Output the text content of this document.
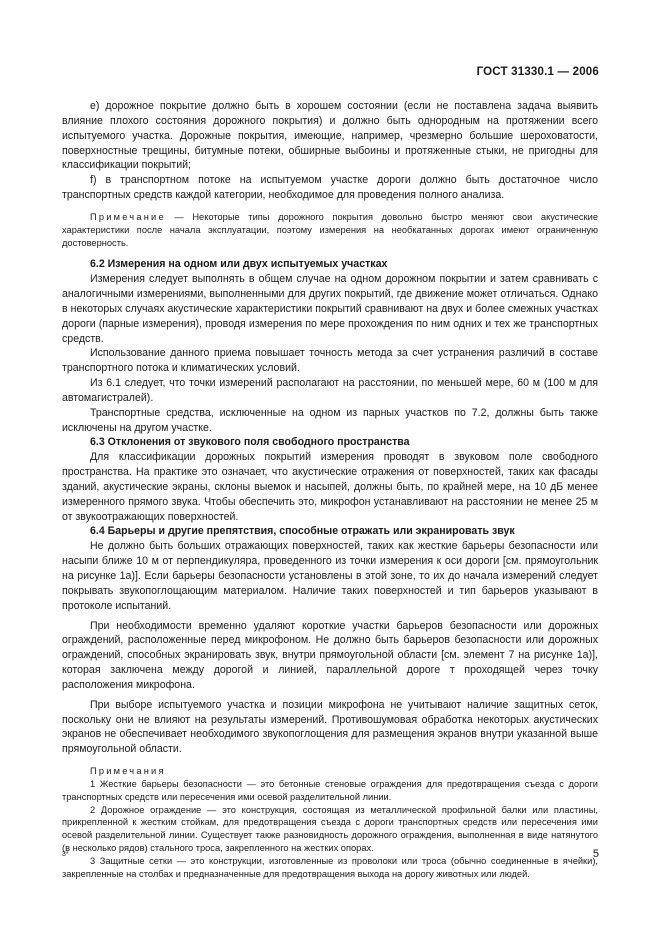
ГОСТ 31330.1 — 2006

е) дорожное покрытие должно быть в хорошем состоянии (если не поставлена задача выявить влияние плохого состояния дорожного покрытия) и должно быть однородным на протяжении всего испытуемого участка. Дорожные покрытия, имеющие, например, чрезмерно большие шероховатости, поверхностные трещины, битумные потеки, обширные выбоины и протяженные стыки, не пригодны для классификации покрытий;

f) в транспортном потоке на испытуемом участке дороги должно быть достаточное число транспортных средств каждой категории, необходимое для проведения полного анализа.

Примечание — Некоторые типы дорожного покрытия довольно быстро меняют свои акустические характеристики после начала эксплуатации, поэтому измерения на необкатанных дорогах имеют ограниченную достоверность.

6.2 Измерения на одном или двух испытуемых участках

Измерения следует выполнять в общем случае на одном дорожном покрытии и затем сравнивать с аналогичными измерениями, выполненными для других покрытий, где движение может отличаться. Однако в некоторых случаях акустические характеристики покрытий сравнивают на двух и более смежных участках дороги (парные измерения), проводя измерения по мере прохождения по ним одних и тех же транспортных средств.

Использование данного приема повышает точность метода за счет устранения различий в составе транспортного потока и климатических условий.

Из 6.1 следует, что точки измерений располагают на расстоянии, по меньшей мере, 60 м (100 м для автомагистралей).

Транспортные средства, исключенные на одном из парных участков по 7.2, должны быть также исключены на другом участке.

6.3 Отклонения от звукового поля свободного пространства

Для классификации дорожных покрытий измерения проводят в звуковом поле свободного пространства. На практике это означает, что акустические отражения от поверхностей, таких как фасады зданий, акустические экраны, склоны выемок и насыпей, должны быть, по крайней мере, на 10 дБ менее измеренного прямого звука. Чтобы обеспечить это, микрофон устанавливают на расстоянии не менее 25 м от звукоотражающих поверхностей.

6.4 Барьеры и другие препятствия, способные отражать или экранировать звук

Не должно быть больших отражающих поверхностей, таких как жесткие барьеры безопасности или насыпи ближе 10 м от перпендикуляра, проведенного из точки измерения к оси дороги [см. прямоугольник на рисунке 1а)]. Если барьеры безопасности установлены в этой зоне, то их до начала измерений следует покрывать звукопоглощающим материалом. Наличие таких поверхностей и тип барьеров указывают в протоколе испытаний.

При необходимости временно удаляют короткие участки барьеров безопасности или дорожных ограждений, расположенные перед микрофоном. Не должно быть барьеров безопасности или дорожных ограждений, способных экранировать звук, внутри прямоугольной области [см. элемент 7 на рисунке 1а)], которая заключена между дорогой и линией, параллельной дороге т проходящей через точку расположения микрофона.

При выборе испытуемого участка и позиции микрофона не учитывают наличие защитных сеток, поскольку они не влияют на результаты измерений. Противошумовая обработка некоторых акустических экранов не обеспечивает необходимого звукопоглощения для размещения экранов внутри указанной выше прямоугольной области.

Примечания

1 Жесткие барьеры безопасности — это бетонные стеновые ограждения для предотвращения съезда с дороги транспортных средств или пересечения ими осевой разделительной линии.

2 Дорожное ограждение — это конструкция, состоящая из металлической профильной балки или пластины, прикрепленной к жестким стойкам, для предотвращения съезда с дороги транспортных средств или пересечения ими осевой разделительной линии. Существует также разновидность дорожного ограждения, выполненная в виде натянутого (в несколько рядов) стального троса, закрепленного на жестких опорах.

3 Защитные сетки — это конструкции, изготовленные из проволоки или троса (обычно соединенные в ячейки), закрепленные на столбах и предназначенные для предотвращения выхода на дорогу животных или людей.

3*	5
